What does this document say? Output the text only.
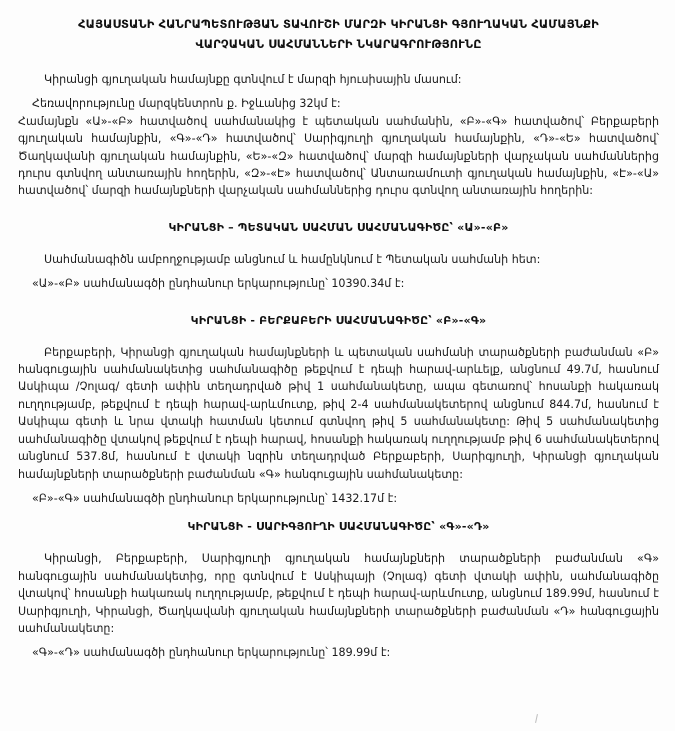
ՀԱՅԱՍՏԱՆԻ ՀԱՆՐԱՊԵՏՈՒԹՅԱՆ ՏԱՎՈՒՇԻ ՄԱՐԶԻ ԿԻՐԱՆՑԻ ԳՅՈՒՂԱԿԱՆ ՀԱՄԱՅՆՔԻ
ՎԱՐՉԱԿԱՆ ՍԱՀՄԱՆՆԵՐԻ ՆԿԱՐԱԳՐՈՒԹՅՈՒՆԸ

Կիրանցի գյուղական համայնքը գտնվում է մարզի հյուսիսային մասում:

Հեռավորությունը մարզկենտրոն ք. Իջևանից 32կմ է:

Համայնքն «Ա»-«Բ» հատվածով սահմանակից է պետական սահմանին, «Բ»-«Գ» հատվածով՝ Բերքաբերի գյուղական համայնքին, «Գ»-«Դ» հատվածով՝ Սարիգյուղի գյուղական համայնքին, «Դ»-«Ե» հատվածով՝ Ծաղկավանի գյուղական համայնքին, «Ե»-«Զ» հատվածով՝ մարզի համայնքների վարչական սահմաններից դուրս գտնվող անտառային հողերին, «Զ»-«Է» հատվածով՝ Անտառամուտի գյուղական համայնքին, «Է»-«Ա» հատվածով՝ մարզի համայնքների վարչական սահմաններից դուրս գտնվող անտառային հողերին:

ԿԻՐԱՆՑԻ – ՊԵՏԱԿԱՆ ՍԱՀՄԱՆ ՍԱՀՄԱՆԱԳԻԾԸ՝ «Ա»-«Բ»

Սահմանագիծն ամբողջությամբ անցնում և համընկնում է Պետական սահմանի հետ:

«Ա»-«Բ» սահմանագծի ընդհանուր երկարությունը՝ 10390.34մ է:

ԿԻՐԱՆՑԻ - ԲԵՐՔԱԲԵՐԻ ՍԱՀՄԱՆԱԳԻԾԸ՝ «Բ»-«Գ»

Բերքաբերի, Կիրանցի գյուղական համայնքների և պետական սահմանի տարածքների բաժանման «Բ» հանգուցային սահմանակետից սահմանագիծը թեքվում է դեպի հարավ-արևելք, անցնում 49.7մ, հասնում Ասկիպա /Չոլագ/ գետի ափին տեղադրված թիվ 1 սահմանակետը, ապա գետառով՝ հոսանքի հակառակ ուղղությամբ, թեքվում է դեպի հարավ-արևմուտք, թիվ 2-4 սահմանակետերով անցնում 844.7մ, հասնում է Ասկիպա գետի և նրա վտակի հատման կետում գտնվող թիվ 5 սահմանակետը: Թիվ 5 սահմանակետից սահմանագիծը վտակով թեքվում է դեպի հարավ, հոսանքի հակառակ ուղղությամբ թիվ 6 սահմանակետերով անցնում 537.8մ, հասնում է վտակի նզրին տեղադրված Բերքաբերի, Սարիգյուղի, Կիրանցի գյուղական համայնքների տարածքների բաժանման «Գ» հանգուցային սահմանակետը:

«Բ»-«Գ» սահմանագծի ընդհանուր երկարությունը՝ 1432.17մ է:

ԿԻՐԱՆՑԻ - ՍԱՐԻԳՅՈՒՂԻ ՍԱՀՄԱՆԱԳԻԾԸ՝ «Գ»-«Դ»

Կիրանցի, Բերքաբերի, Սարիգյուղի գյուղական համայնքների տարածքների բաժանման «Գ» հանգուցային սահմանակետից, որը գտնվում է Ասկիպայի (Չոլագ) գետի վտակի ափին, սահմանագիծը վտակով՝ հոսանքի հակառակ ուղղությամբ, թեքվում է դեպի հարավ-արևմուտք, անցնում 189.99մ, հասնում է Սարիգյուղի, Կիրանցի, Ծաղկավանի գյուղական համայնքների տարածքների բաժանման «Դ» հանգուցային սահմանակետը:

«Գ»-«Դ» սահմանագծի ընդհանուր երկարությունը՝ 189.99մ է:
